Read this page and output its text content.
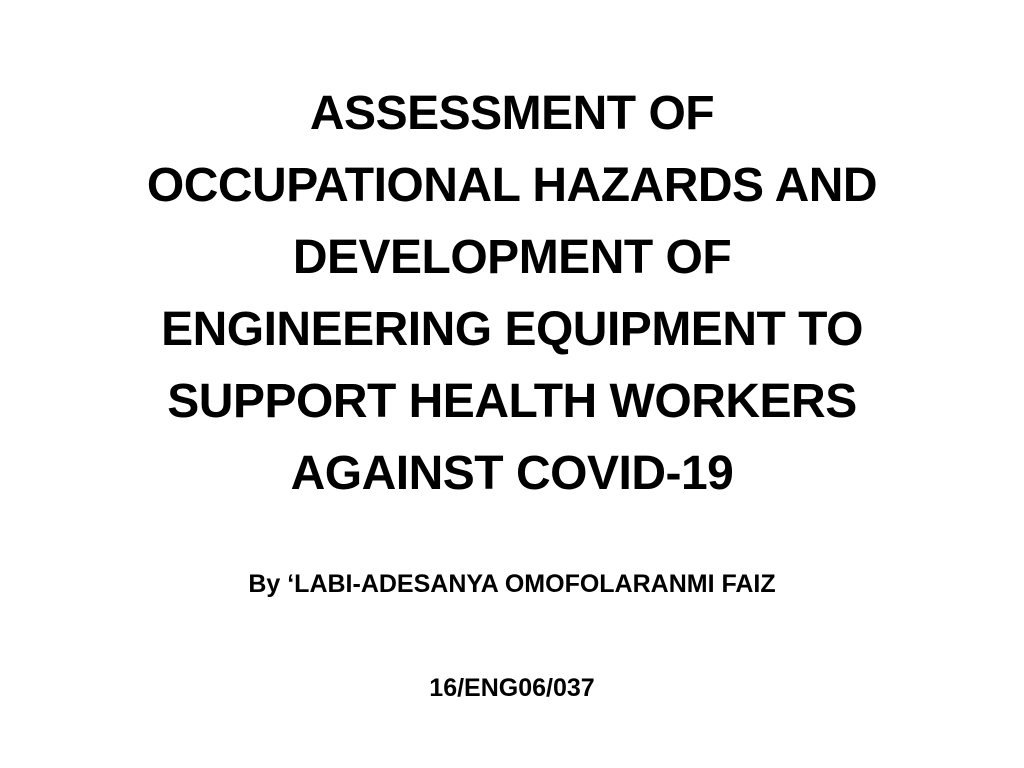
ASSESSMENT OF
OCCUPATIONAL HAZARDS AND
DEVELOPMENT OF
ENGINEERING EQUIPMENT TO
SUPPORT HEALTH WORKERS
AGAINST COVID-19

By ‘LABI-ADESANYA OMOFOLARANMI FAIZ

16/ENG06/037
